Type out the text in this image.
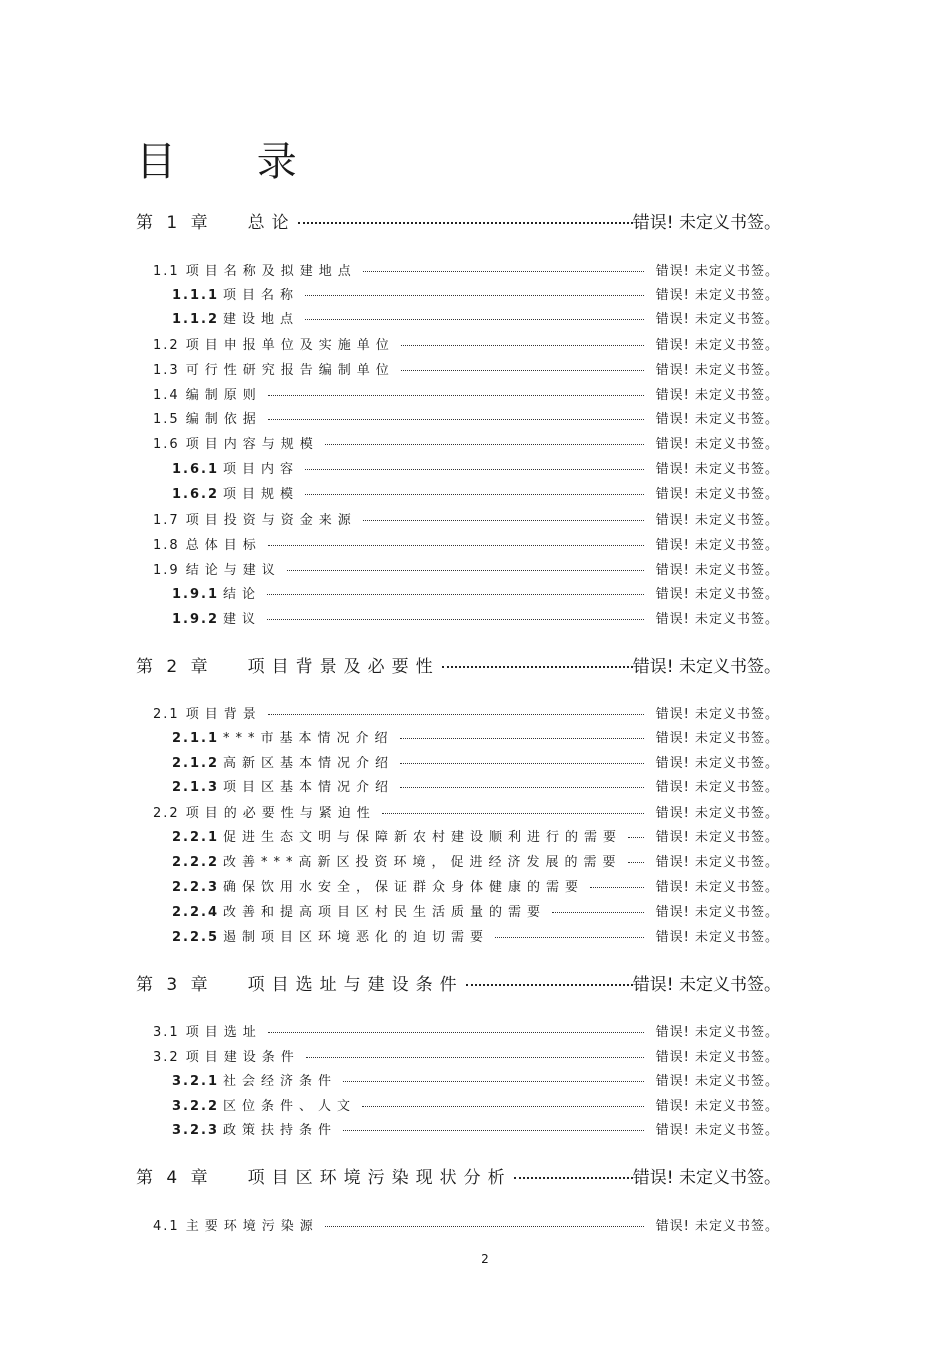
目 录
第 1 章 总论	错误! 未定义书签。
1.1 项目名称及拟建地点	错误! 未定义书签。
1.1.1 项目名称	错误! 未定义书签。
1.1.2 建设地点	错误! 未定义书签。
1.2 项目申报单位及实施单位	错误! 未定义书签。
1.3 可行性研究报告编制单位	错误! 未定义书签。
1.4 编制原则	错误! 未定义书签。
1.5 编制依据	错误! 未定义书签。
1.6 项目内容与规模	错误! 未定义书签。
1.6.1 项目内容	错误! 未定义书签。
1.6.2 项目规模	错误! 未定义书签。
1.7 项目投资与资金来源	错误! 未定义书签。
1.8 总体目标	错误! 未定义书签。
1.9 结论与建议	错误! 未定义书签。
1.9.1 结论	错误! 未定义书签。
1.9.2 建议	错误! 未定义书签。
第 2 章 项目背景及必要性	错误! 未定义书签。
2.1 项目背景	错误! 未定义书签。
2.1.1 ***市基本情况介绍	错误! 未定义书签。
2.1.2 高新区基本情况介绍	错误! 未定义书签。
2.1.3 项目区基本情况介绍	错误! 未定义书签。
2.2 项目的必要性与紧迫性	错误! 未定义书签。
2.2.1 促进生态文明与保障新农村建设顺利进行的需要	错误! 未定义书签。
2.2.2 改善***高新区投资环境，促进经济发展的需要	错误! 未定义书签。
2.2.3 确保饮用水安全，保证群众身体健康的需要	错误! 未定义书签。
2.2.4 改善和提高项目区村民生活质量的需要	错误! 未定义书签。
2.2.5 遏制项目区环境恶化的迫切需要	错误! 未定义书签。
第 3 章 项目选址与建设条件	错误! 未定义书签。
3.1 项目选址	错误! 未定义书签。
3.2 项目建设条件	错误! 未定义书签。
3.2.1 社会经济条件	错误! 未定义书签。
3.2.2 区位条件、人文	错误! 未定义书签。
3.2.3 政策扶持条件	错误! 未定义书签。
第 4 章 项目区环境污染现状分析	错误! 未定义书签。
4.1 主要环境污染源	错误! 未定义书签。
2
